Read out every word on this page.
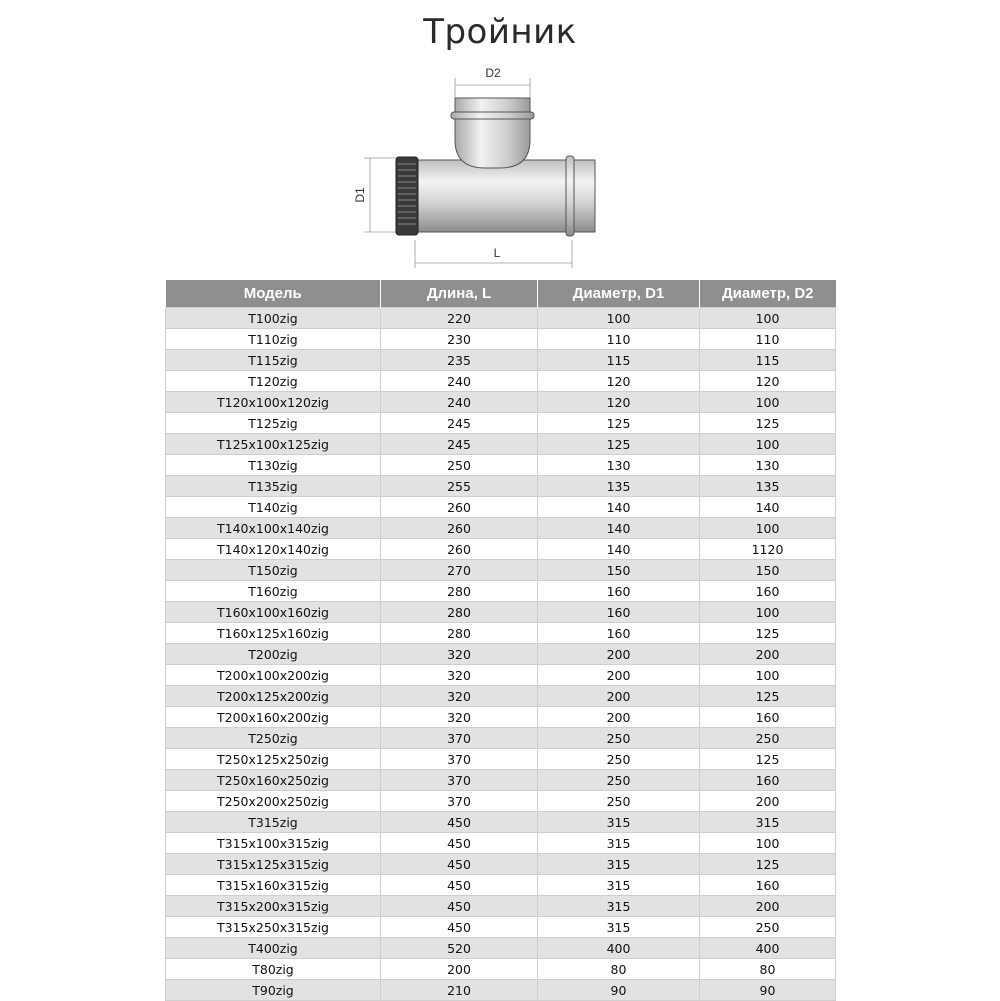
Тройник
D2
D1
L
Модель	Длина, L	Диаметр, D1	Диаметр, D2
T100zig	220	100	100
T110zig	230	110	110
T115zig	235	115	115
T120zig	240	120	120
T120x100x120zig	240	120	100
T125zig	245	125	125
T125x100x125zig	245	125	100
T130zig	250	130	130
T135zig	255	135	135
T140zig	260	140	140
T140x100x140zig	260	140	100
T140x120x140zig	260	140	1120
T150zig	270	150	150
T160zig	280	160	160
T160x100x160zig	280	160	100
T160x125x160zig	280	160	125
T200zig	320	200	200
T200x100x200zig	320	200	100
T200x125x200zig	320	200	125
T200x160x200zig	320	200	160
T250zig	370	250	250
T250x125x250zig	370	250	125
T250x160x250zig	370	250	160
T250x200x250zig	370	250	200
T315zig	450	315	315
T315x100x315zig	450	315	100
T315x125x315zig	450	315	125
T315x160x315zig	450	315	160
T315x200x315zig	450	315	200
T315x250x315zig	450	315	250
T400zig	520	400	400
T80zig	200	80	80
T90zig	210	90	90
